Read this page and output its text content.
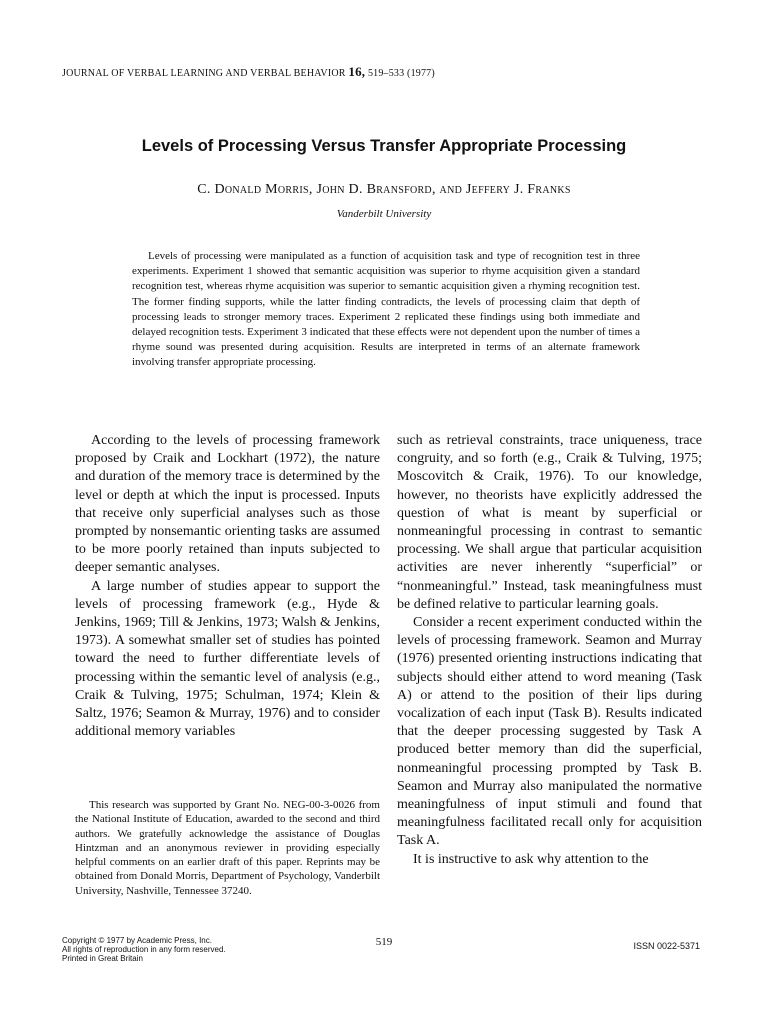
JOURNAL OF VERBAL LEARNING AND VERBAL BEHAVIOR 16, 519–533 (1977)
Levels of Processing Versus Transfer Appropriate Processing
C. Donald Morris, John D. Bransford, and Jeffery J. Franks
Vanderbilt University

Levels of processing were manipulated as a function of acquisition task and type of recognition test in three experiments. Experiment 1 showed that semantic acquisition was superior to rhyme acquisition given a standard recognition test, whereas rhyme acquisition was superior to semantic acquisition given a rhyming recognition test. The former finding supports, while the latter finding contradicts, the levels of processing claim that depth of processing leads to stronger memory traces. Experiment 2 replicated these findings using both immediate and delayed recognition tests. Experiment 3 indicated that these effects were not dependent upon the number of times a rhyme sound was presented during acquisition. Results are interpreted in terms of an alternate framework involving transfer appropriate processing.

According to the levels of processing framework proposed by Craik and Lockhart (1972), the nature and duration of the memory trace is determined by the level or depth at which the input is processed. Inputs that receive only superficial analyses such as those prompted by nonsemantic orienting tasks are assumed to be more poorly retained than inputs subjected to deeper semantic analyses.

A large number of studies appear to support the levels of processing framework (e.g., Hyde & Jenkins, 1969; Till & Jenkins, 1973; Walsh & Jenkins, 1973). A somewhat smaller set of studies has pointed toward the need to further differentiate levels of processing within the semantic level of analysis (e.g., Craik & Tulving, 1975; Schulman, 1974; Klein & Saltz, 1976; Seamon & Murray, 1976) and to consider additional memory variables

such as retrieval constraints, trace uniqueness, trace congruity, and so forth (e.g., Craik & Tulving, 1975; Moscovitch & Craik, 1976). To our knowledge, however, no theorists have explicitly addressed the question of what is meant by superficial or nonmeaningful processing in contrast to semantic processing. We shall argue that particular acquisition activities are never inherently “superficial” or “nonmeaningful.” Instead, task meaningfulness must be defined relative to particular learning goals.

Consider a recent experiment conducted within the levels of processing framework. Seamon and Murray (1976) presented orienting instructions indicating that subjects should either attend to word meaning (Task A) or attend to the position of their lips during vocalization of each input (Task B). Results indicated that the deeper processing suggested by Task A produced better memory than did the superficial, nonmeaningful processing prompted by Task B. Seamon and Murray also manipulated the normative meaningfulness of input stimuli and found that meaningfulness facilitated recall only for acquisition Task A.

It is instructive to ask why attention to the

This research was supported by Grant No. NEG-00-3-0026 from the National Institute of Education, awarded to the second and third authors. We gratefully acknowledge the assistance of Douglas Hintzman and an anonymous reviewer in providing especially helpful comments on an earlier draft of this paper. Reprints may be obtained from Donald Morris, Department of Psychology, Vanderbilt University, Nashville, Tennessee 37240.

Copyright © 1977 by Academic Press, Inc.
All rights of reproduction in any form reserved.
Printed in Great Britain
519	ISSN 0022-5371
